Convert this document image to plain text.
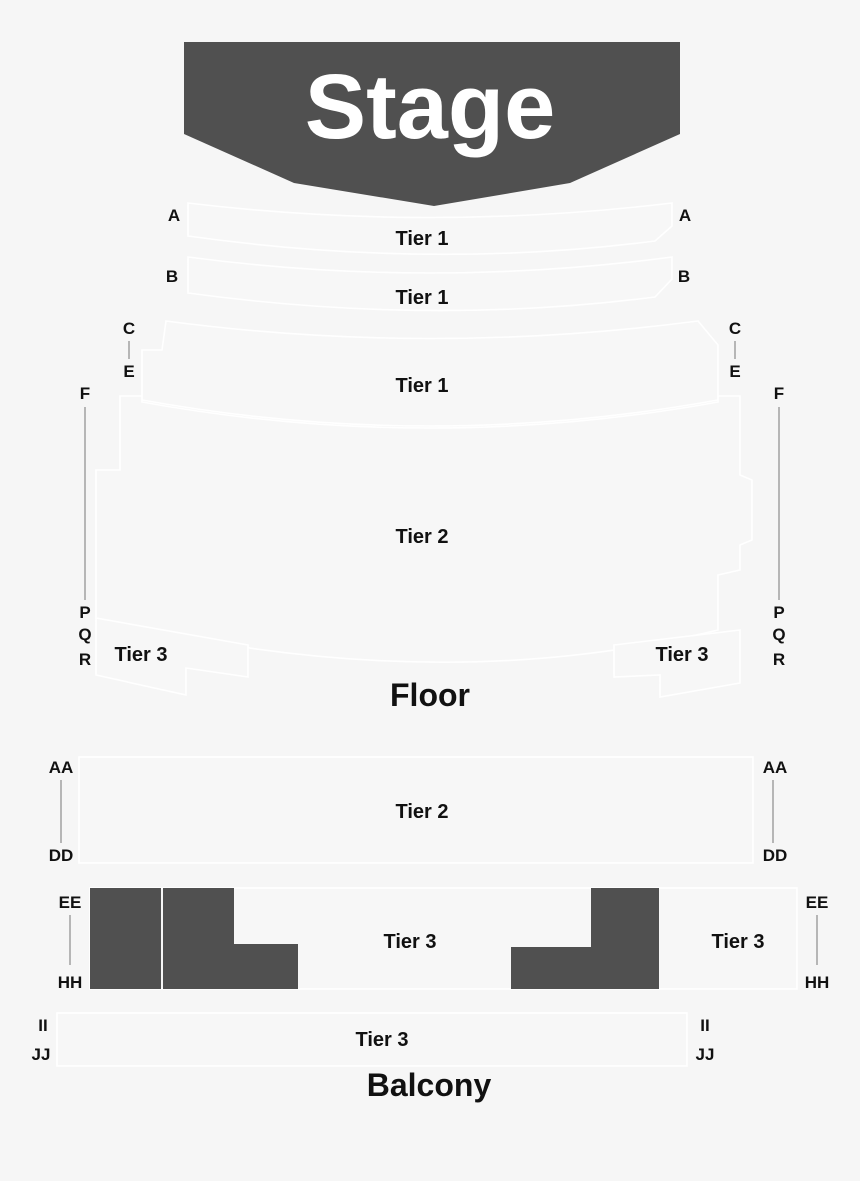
Stage
Tier 1
A	A
Tier 1
B	B
Tier 1
C
E
C
E
Tier 2
F
P
F
P
Tier 3	Tier 3
Q
R
Q
R
Floor
Tier 2
AA
DD
AA
DD
Tier 3	Tier 3
EE
HH
EE
HH
Tier 3
II
JJ
II
JJ
Balcony
